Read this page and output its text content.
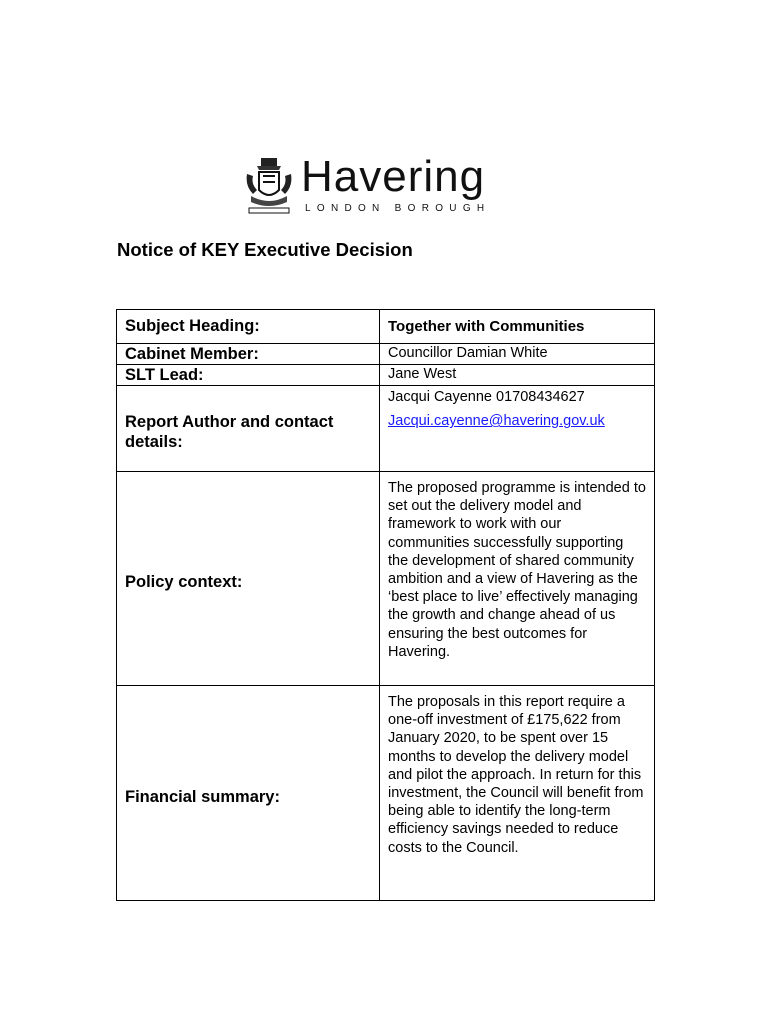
Havering
LONDON BOROUGH
Notice of KEY Executive Decision
Subject Heading:	Together with Communities

Cabinet Member:	Councillor Damian White

SLT Lead:	Jane West

Report Author and contact details:	Jacqui Cayenne 01708434627
Jacqui.cayenne@havering.gov.uk

Policy context:	The proposed programme is intended to set out the delivery model and framework to work with our communities successfully supporting the development of shared community ambition and a view of Havering as the ‘best place to live’ effectively managing the growth and change ahead of us ensuring the best outcomes for Havering.

Financial summary:	The proposals in this report require a one-off investment of £175,622 from January 2020, to be spent over 15 months to develop the delivery model and pilot the approach. In return for this investment, the Council will benefit from being able to identify the long-term efficiency savings needed to reduce costs to the Council.
